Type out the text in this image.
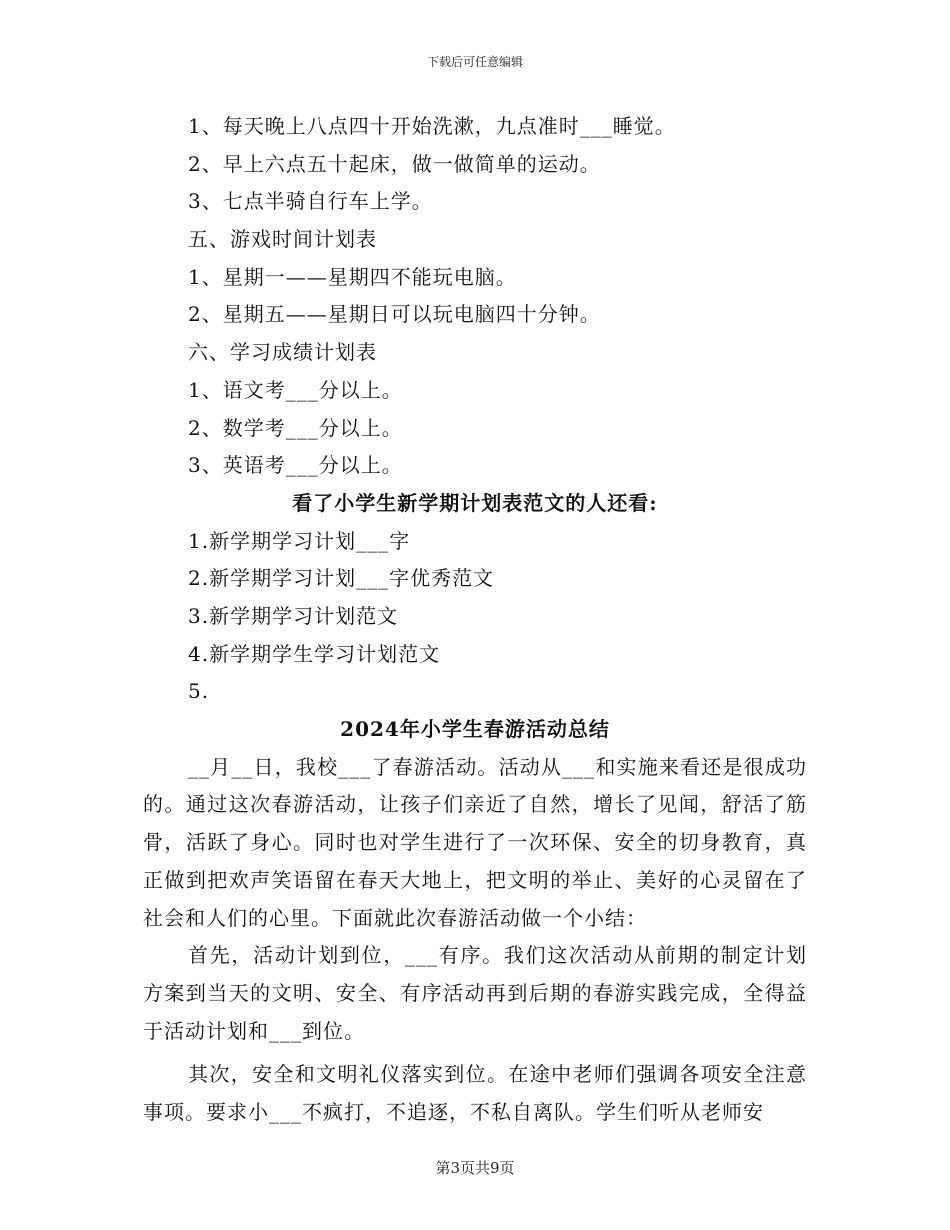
下载后可任意编辑
1、每天晚上八点四十开始洗漱，九点准时___睡觉。
2、早上六点五十起床，做一做简单的运动。
3、七点半骑自行车上学。
五、游戏时间计划表
1、星期一——星期四不能玩电脑。
2、星期五——星期日可以玩电脑四十分钟。
六、学习成绩计划表
1、语文考___分以上。
2、数学考___分以上。
3、英语考___分以上。
看了小学生新学期计划表范文的人还看:
1.新学期学习计划___字
2.新学期学习计划___字优秀范文
3.新学期学习计划范文
4.新学期学生学习计划范文
5.
2024年小学生春游活动总结

__月__日，我校___了春游活动。活动从___和实施来看还是很成功的。通过这次春游活动，让孩子们亲近了自然，增长了见闻，舒活了筋骨，活跃了身心。同时也对学生进行了一次环保、安全的切身教育，真正做到把欢声笑语留在春天大地上，把文明的举止、美好的心灵留在了社会和人们的心里。下面就此次春游活动做一个小结：

首先，活动计划到位，___有序。我们这次活动从前期的制定计划方案到当天的文明、安全、有序活动再到后期的春游实践完成，全得益于活动计划和___到位。

其次，安全和文明礼仪落实到位。在途中老师们强调各项安全注意事项。要求小___不疯打，不追逐，不私自离队。学生们听从老师安

第3页共9页
